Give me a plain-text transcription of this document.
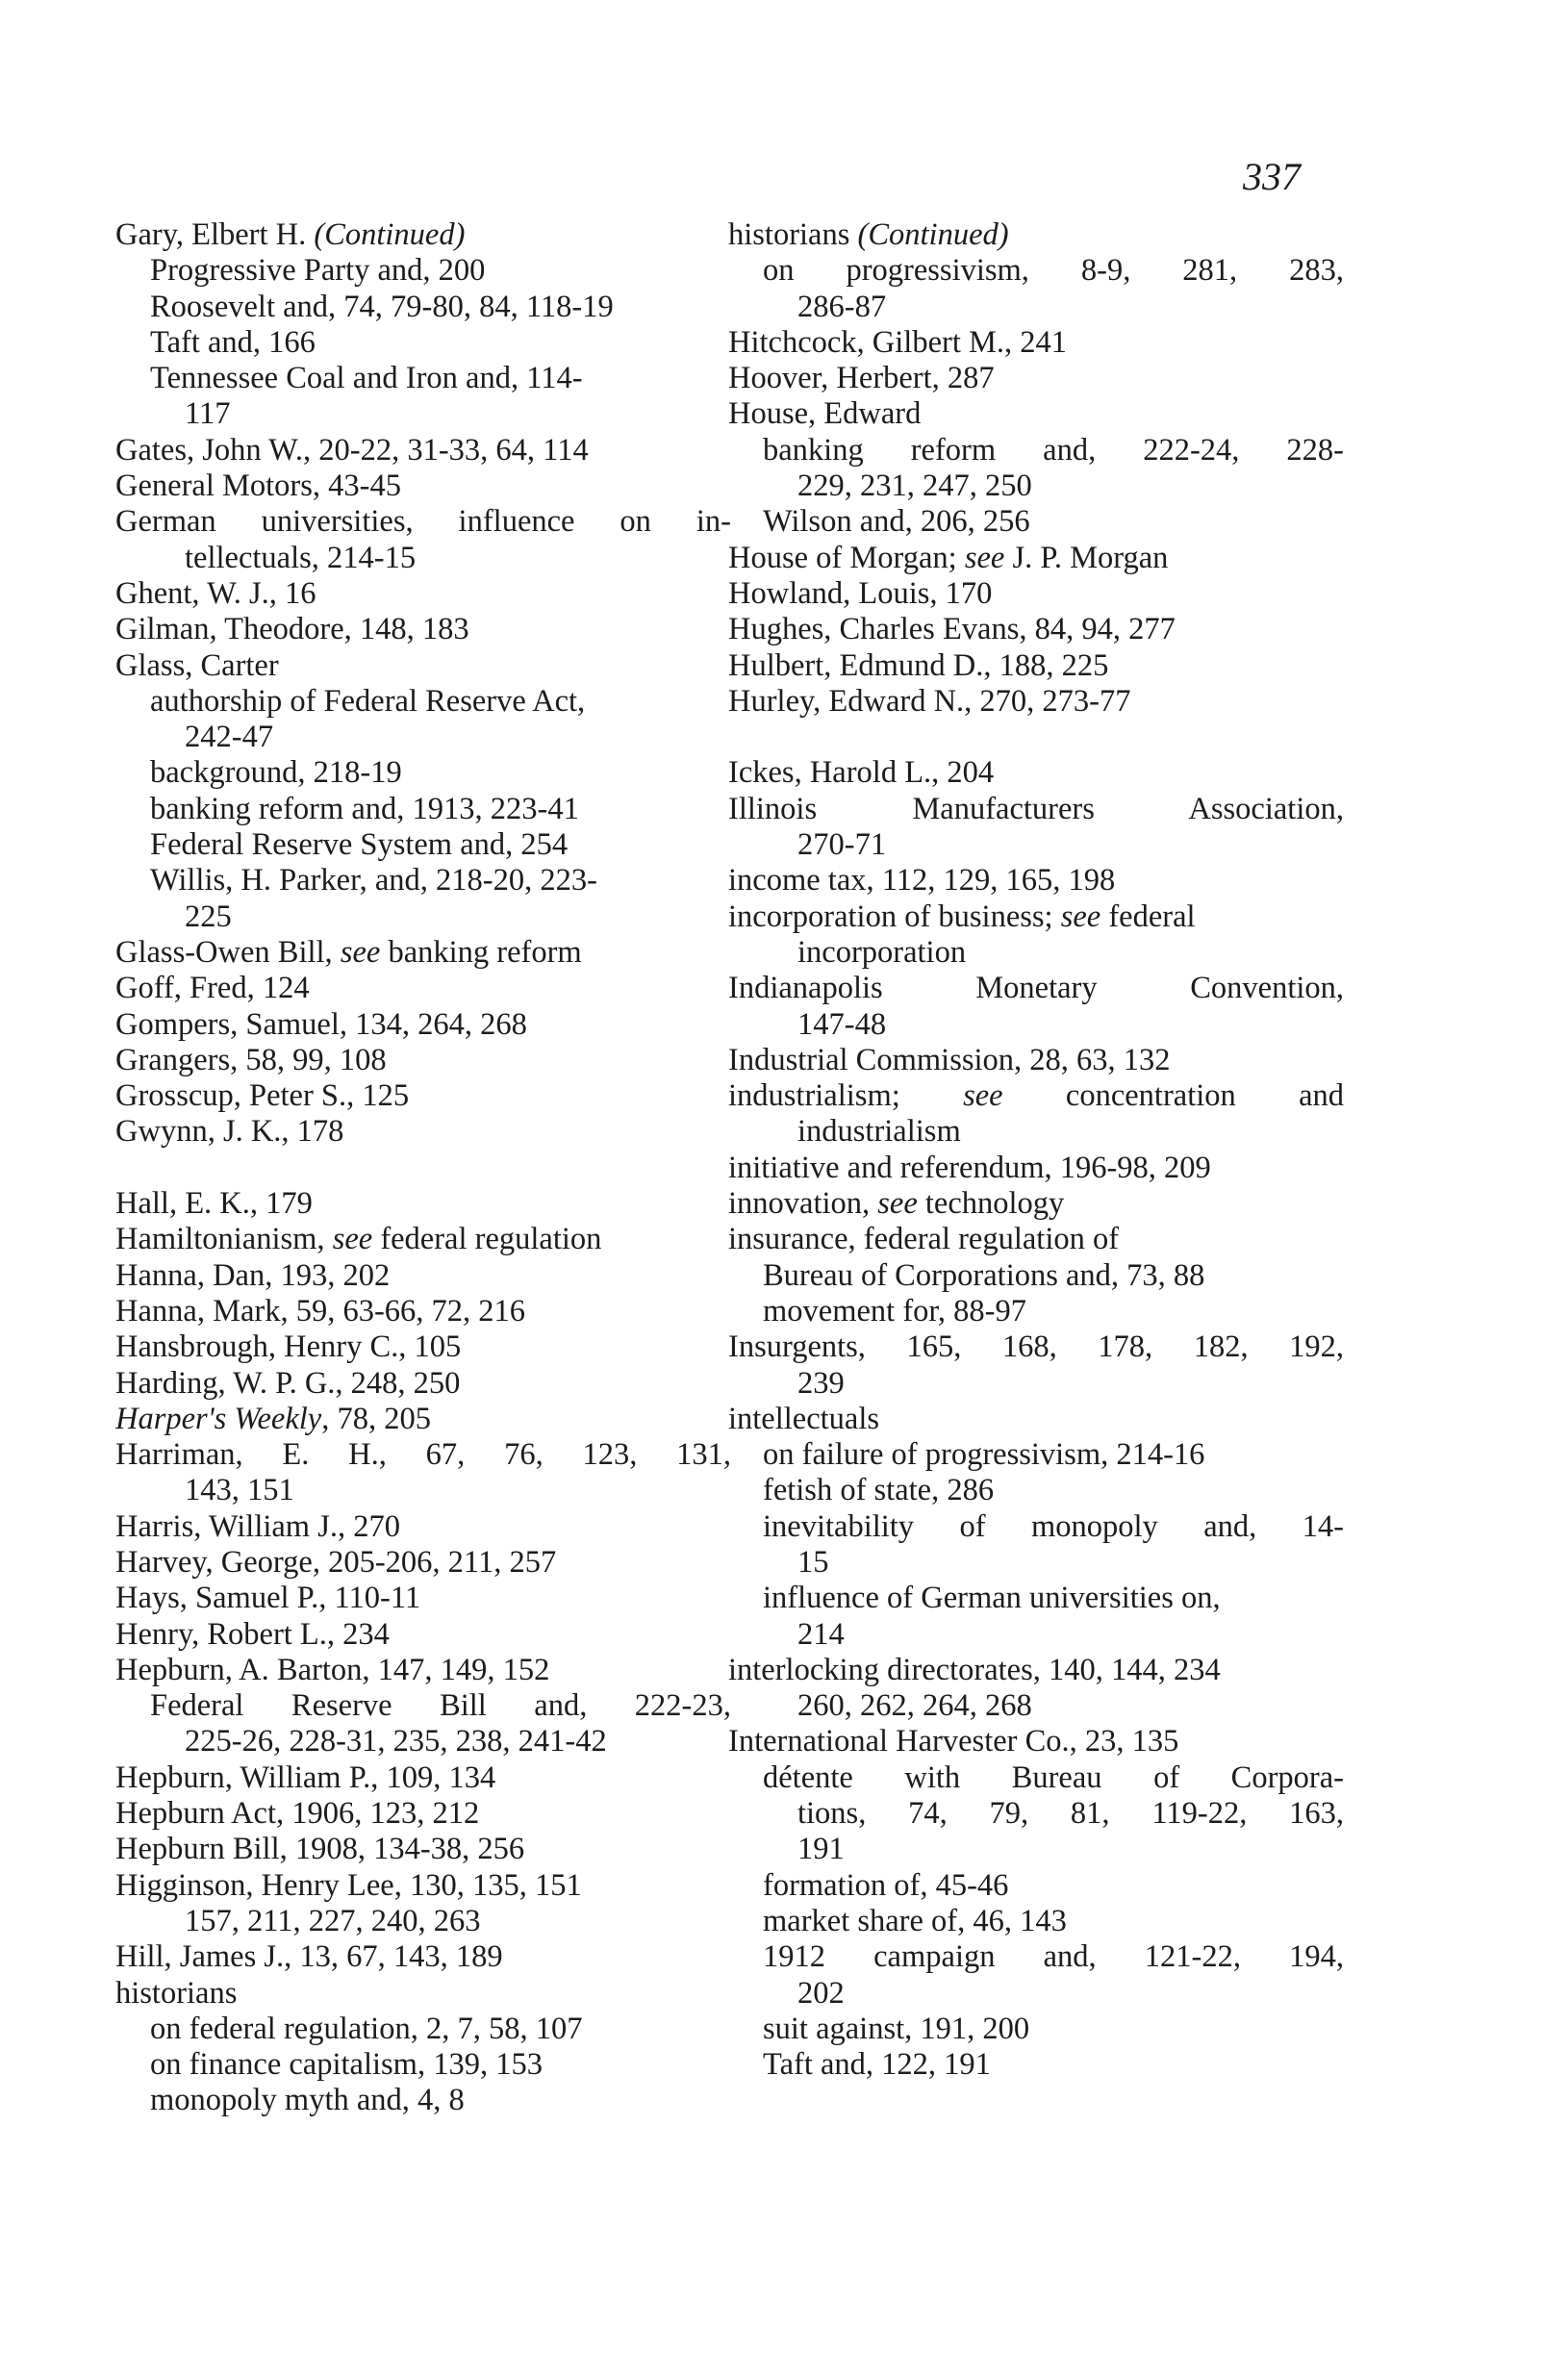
337
Gary, Elbert H. (Continued)
Progressive Party and, 200
Roosevelt and, 74, 79-80, 84, 118-19
Taft and, 166
Tennessee Coal and Iron and, 114-
117
Gates, John W., 20-22, 31-33, 64, 114
General Motors, 43-45
German universities, influence on in-
tellectuals, 214-15
Ghent, W. J., 16
Gilman, Theodore, 148, 183
Glass, Carter
authorship of Federal Reserve Act,
242-47
background, 218-19
banking reform and, 1913, 223-41
Federal Reserve System and, 254
Willis, H. Parker, and, 218-20, 223-
225
Glass-Owen Bill, see banking reform
Goff, Fred, 124
Gompers, Samuel, 134, 264, 268
Grangers, 58, 99, 108
Grosscup, Peter S., 125
Gwynn, J. K., 178
Hall, E. K., 179
Hamiltonianism, see federal regulation
Hanna, Dan, 193, 202
Hanna, Mark, 59, 63-66, 72, 216
Hansbrough, Henry C., 105
Harding, W. P. G., 248, 250
Harper's Weekly, 78, 205
Harriman, E. H., 67, 76, 123, 131,
143, 151
Harris, William J., 270
Harvey, George, 205-206, 211, 257
Hays, Samuel P., 110-11
Henry, Robert L., 234
Hepburn, A. Barton, 147, 149, 152
Federal Reserve Bill and, 222-23,
225-26, 228-31, 235, 238, 241-42
Hepburn, William P., 109, 134
Hepburn Act, 1906, 123, 212
Hepburn Bill, 1908, 134-38, 256
Higginson, Henry Lee, 130, 135, 151
157, 211, 227, 240, 263
Hill, James J., 13, 67, 143, 189
historians
on federal regulation, 2, 7, 58, 107
on finance capitalism, 139, 153
monopoly myth and, 4, 8
historians (Continued)
on progressivism, 8-9, 281, 283,
286-87
Hitchcock, Gilbert M., 241
Hoover, Herbert, 287
House, Edward
banking reform and, 222-24, 228-
229, 231, 247, 250
Wilson and, 206, 256
House of Morgan; see J. P. Morgan
Howland, Louis, 170
Hughes, Charles Evans, 84, 94, 277
Hulbert, Edmund D., 188, 225
Hurley, Edward N., 270, 273-77
Ickes, Harold L., 204
Illinois Manufacturers Association,
270-71
income tax, 112, 129, 165, 198
incorporation of business; see federal
incorporation
Indianapolis Monetary Convention,
147-48
Industrial Commission, 28, 63, 132
industrialism; see concentration and
industrialism
initiative and referendum, 196-98, 209
innovation, see technology
insurance, federal regulation of
Bureau of Corporations and, 73, 88
movement for, 88-97
Insurgents, 165, 168, 178, 182, 192,
239
intellectuals
on failure of progressivism, 214-16
fetish of state, 286
inevitability of monopoly and, 14-
15
influence of German universities on,
214
interlocking directorates, 140, 144, 234
260, 262, 264, 268
International Harvester Co., 23, 135
détente with Bureau of Corpora-
tions, 74, 79, 81, 119-22, 163,
191
formation of, 45-46
market share of, 46, 143
1912 campaign and, 121-22, 194,
202
suit against, 191, 200
Taft and, 122, 191
